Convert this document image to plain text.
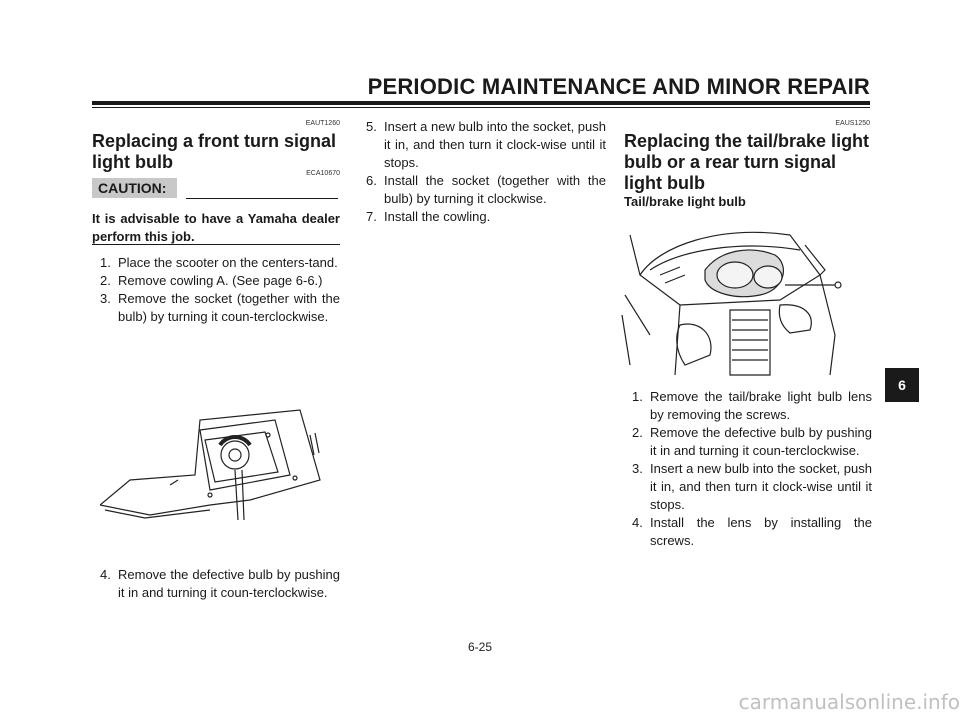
PERIODIC MAINTENANCE AND MINOR REPAIR
EAUT1260
Replacing a front turn signal
light bulb
ECA10670
CAUTION:
It is advisable to have a Yamaha dealer perform this job.
1. Place the scooter on the centers-tand.
2. Remove cowling A. (See page 6-6.)
3. Remove the socket (together with the bulb) by turning it coun-terclockwise.
4. Remove the defective bulb by pushing it in and turning it coun-terclockwise.
5. Insert a new bulb into the socket, push it in, and then turn it clock-wise until it stops.
6. Install the socket (together with the bulb) by turning it clockwise.
7. Install the cowling.
EAUS1250
Replacing the tail/brake light
bulb or a rear turn signal
light bulb
Tail/brake light bulb
1. Remove the tail/brake light bulb lens by removing the screws.
2. Remove the defective bulb by pushing it in and turning it coun-terclockwise.
3. Insert a new bulb into the socket, push it in, and then turn it clock-wise until it stops.
4. Install the lens by installing the screws.
6
6-25
carmanualsonline.info
